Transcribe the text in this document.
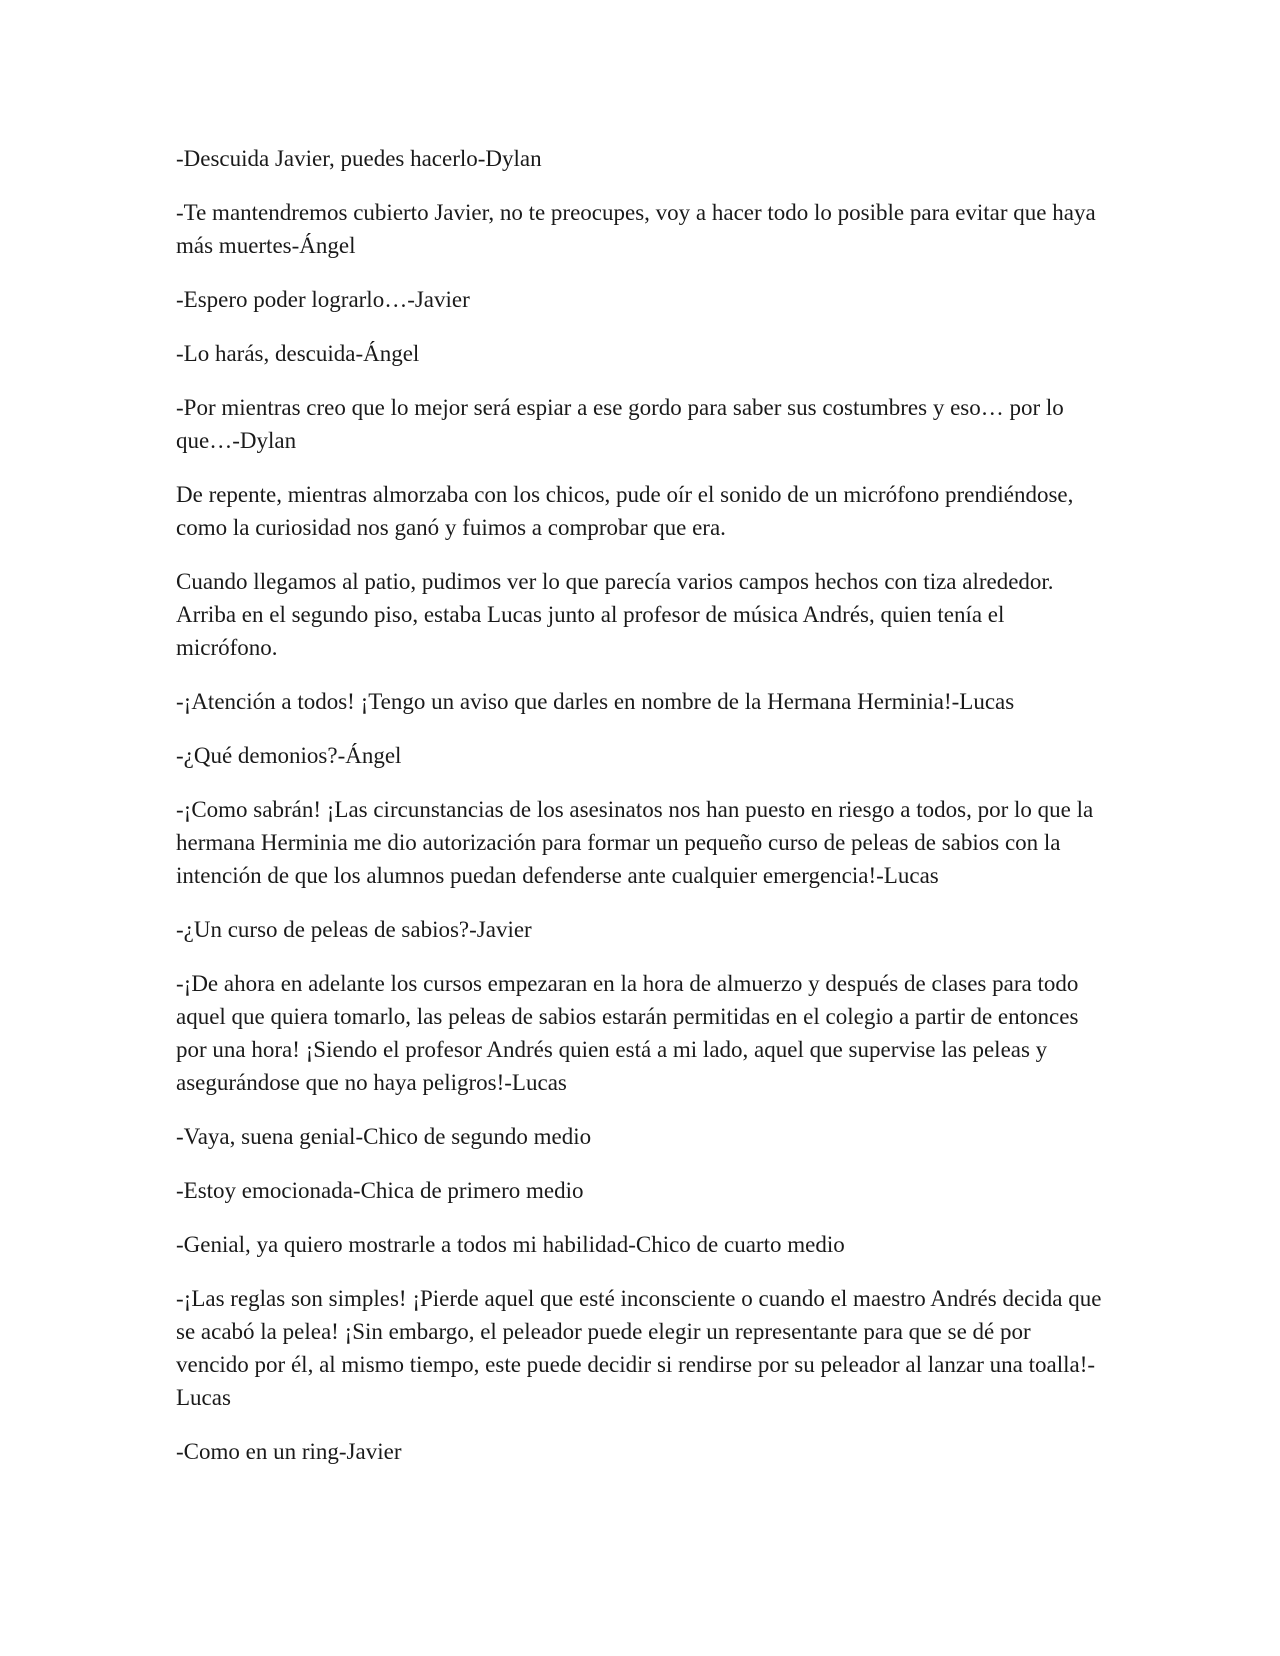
-Descuida Javier, puedes hacerlo-Dylan

-Te mantendremos cubierto Javier, no te preocupes, voy a hacer todo lo posible para evitar que haya más muertes-Ángel

-Espero poder lograrlo…-Javier

-Lo harás, descuida-Ángel

-Por mientras creo que lo mejor será espiar a ese gordo para saber sus costumbres y eso… por lo que…-Dylan

De repente, mientras almorzaba con los chicos, pude oír el sonido de un micrófono prendiéndose, como la curiosidad nos ganó y fuimos a comprobar que era.

Cuando llegamos al patio, pudimos ver lo que parecía varios campos hechos con tiza alrededor. Arriba en el segundo piso, estaba Lucas junto al profesor de música Andrés, quien tenía el micrófono.

-¡Atención a todos! ¡Tengo un aviso que darles en nombre de la Hermana Herminia!-Lucas

-¿Qué demonios?-Ángel

-¡Como sabrán! ¡Las circunstancias de los asesinatos nos han puesto en riesgo a todos, por lo que la hermana Herminia me dio autorización para formar un pequeño curso de peleas de sabios con la intención de que los alumnos puedan defenderse ante cualquier emergencia!-Lucas

-¿Un curso de peleas de sabios?-Javier

-¡De ahora en adelante los cursos empezaran en la hora de almuerzo y después de clases para todo aquel que quiera tomarlo, las peleas de sabios estarán permitidas en el colegio a partir de entonces por una hora! ¡Siendo el profesor Andrés quien está a mi lado, aquel que supervise las peleas y asegurándose que no haya peligros!-Lucas

-Vaya, suena genial-Chico de segundo medio

-Estoy emocionada-Chica de primero medio

-Genial, ya quiero mostrarle a todos mi habilidad-Chico de cuarto medio

-¡Las reglas son simples! ¡Pierde aquel que esté inconsciente o cuando el maestro Andrés decida que se acabó la pelea! ¡Sin embargo, el peleador puede elegir un representante para que se dé por vencido por él, al mismo tiempo, este puede decidir si rendirse por su peleador al lanzar una toalla!-Lucas

-Como en un ring-Javier
